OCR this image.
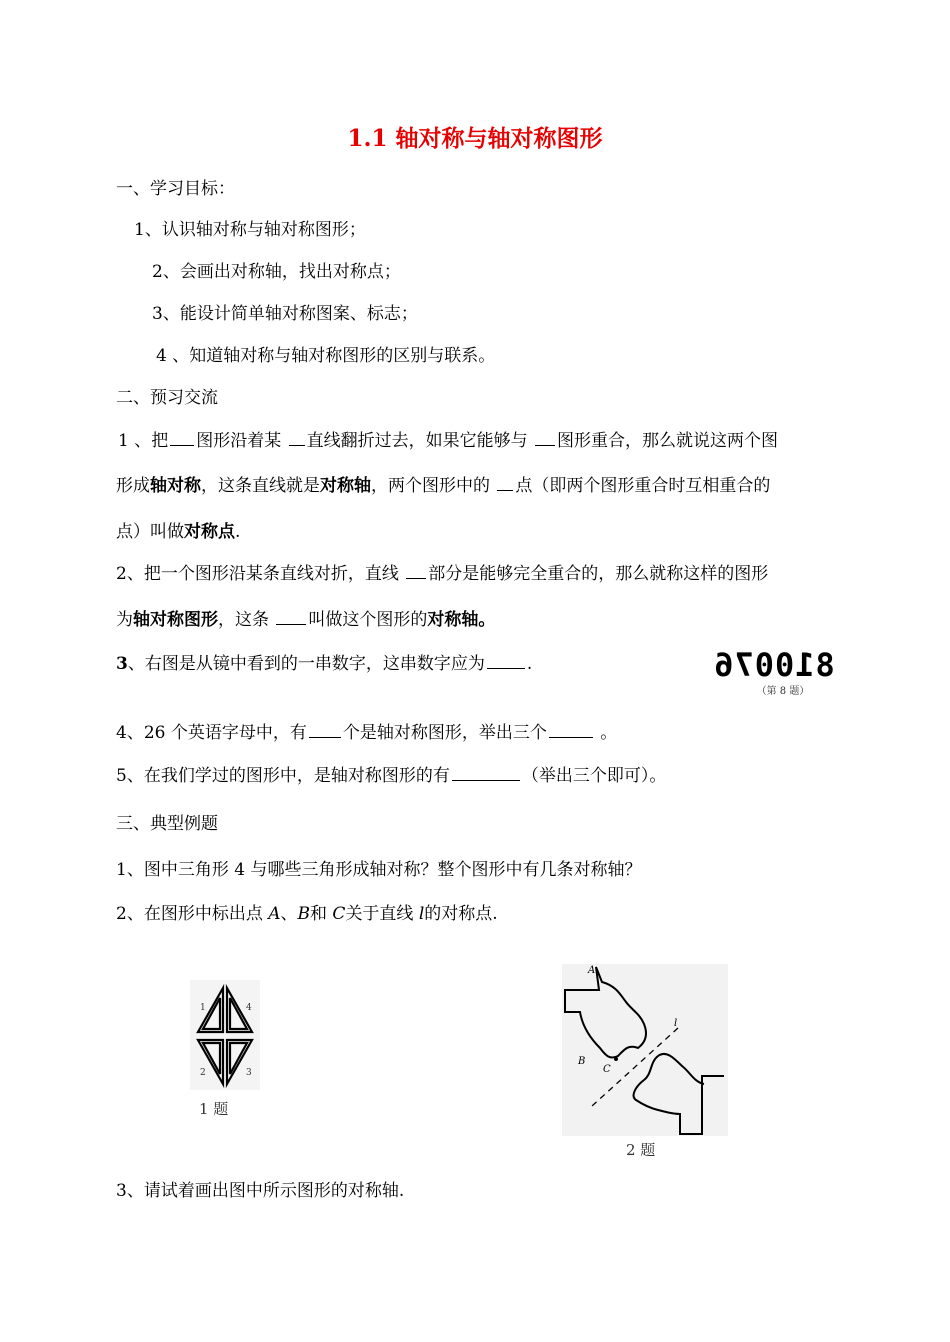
1.1 轴对称与轴对称图形
一、学习目标：
1、认识轴对称与轴对称图形；
2、会画出对称轴，找出对称点；
3、能设计简单轴对称图案、标志；
4 、知道轴对称与轴对称图形的区别与联系。
二、预习交流
1 、把 图形沿着某 直线翻折过去，如果它能够与 图形重合，那么就说这两个图
形成轴对称，这条直线就是对称轴，两个图形中的 点（即两个图形重合时互相重合的
点）叫做对称点.
2、把一个图形沿某条直线对折，直线 部分是能够完全重合的，那么就称这样的图形
为轴对称图形，这条 叫做这个图形的对称轴。
3、右图是从镜中看到的一串数字，这串数字应为 .	810076
（第 8 题）
4、26 个英语字母中，有 个是轴对称图形，举出三个	。
5、在我们学过的图形中，是轴对称图形的有	（举出三个即可）。
三、典型例题
1、图中三角形 4 与哪些三角形成轴对称？整个图形中有几条对称轴？
2、在图形中标出点 A、B和 C关于直线 l的对称点.
1	4
2	3
1 题
A
B
C
l
2 题
3、请试着画出图中所示图形的对称轴.
